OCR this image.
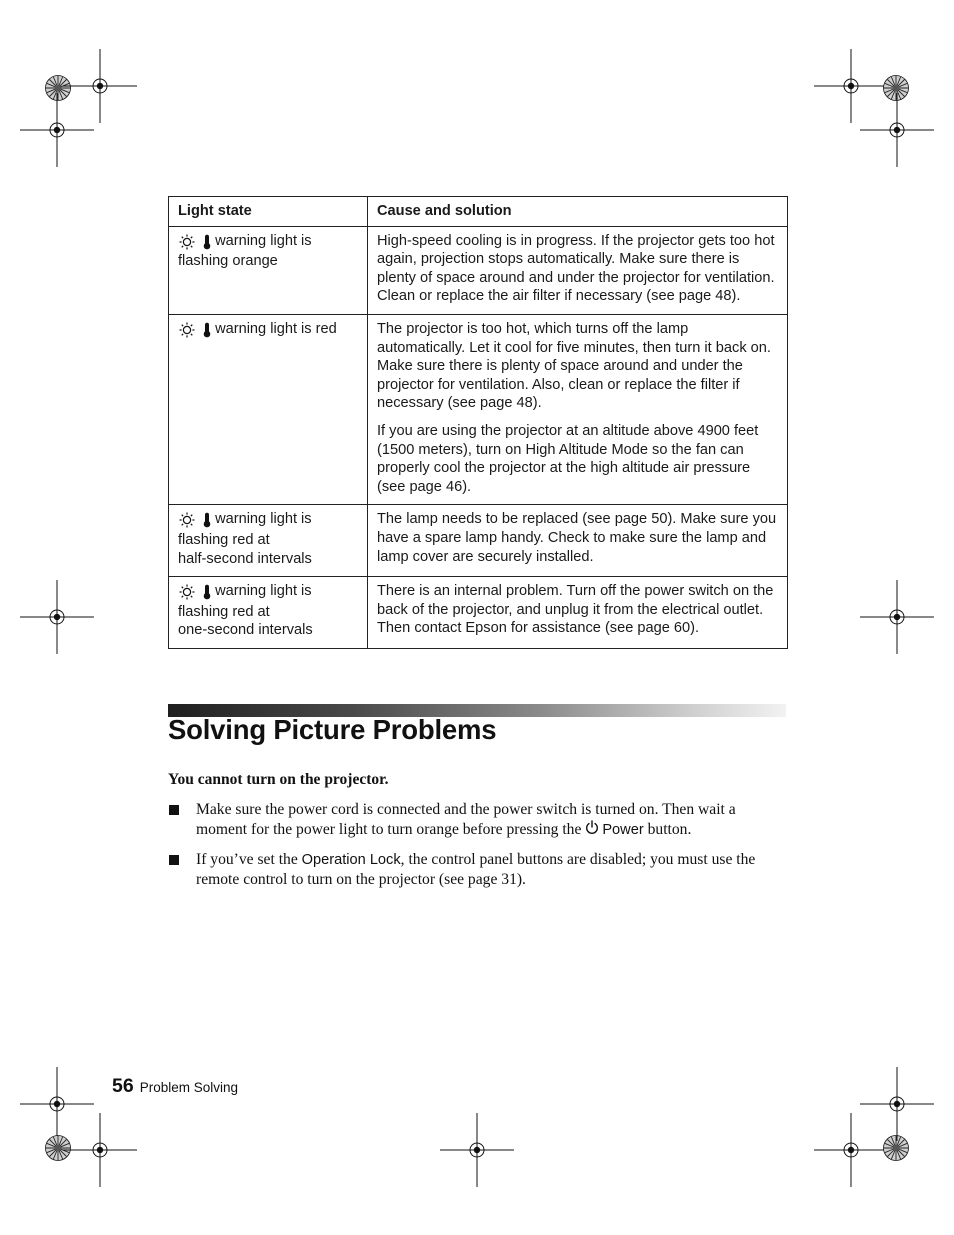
Light state	Cause and solution
warning light is flashing orange	High-speed cooling is in progress. If the projector gets too hot again, projection stops automatically. Make sure there is plenty of space around and under the projector for ventilation. Clean or replace the air filter if necessary (see page 48).

warning light is red	The projector is too hot, which turns off the lamp automatically. Let it cool for five minutes, then turn it back on. Make sure there is plenty of space around and under the projector for ventilation. Also, clean or replace the filter if necessary (see page 48).

If you are using the projector at an altitude above 4900 feet (1500 meters), turn on High Altitude Mode so the fan can properly cool the projector at the high altitude air pressure (see page 46).

warning light is
flashing red at
half-second intervals	The lamp needs to be replaced (see page 50). Make sure you have a spare lamp handy. Check to make sure the lamp and lamp cover are securely installed.

warning light is
flashing red at
one-second intervals	There is an internal problem. Turn off the power switch on the back of the projector, and unplug it from the electrical outlet. Then contact Epson for assistance (see page 60).

Solving Picture Problems
You cannot turn on the projector.
Make sure the power cord is connected and the power switch is turned on. Then wait a moment for the power light to turn orange before pressing the Power button.
If you’ve set the Operation Lock, the control panel buttons are disabled; you must use the remote control to turn on the projector (see page 31).
56 Problem Solving
